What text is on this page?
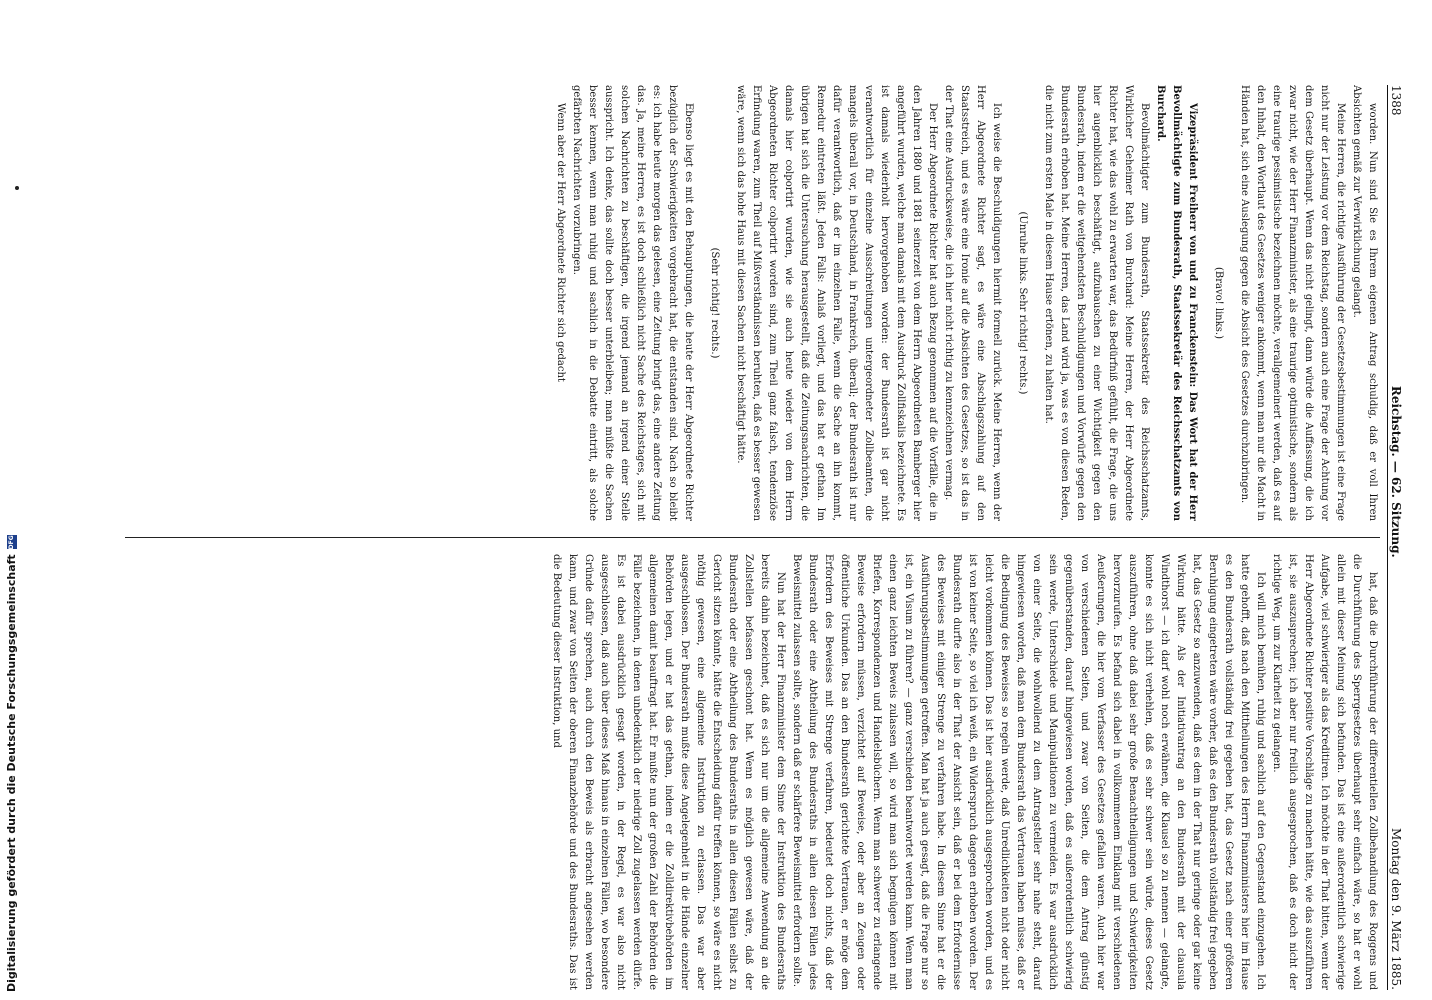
Digitalisierung gefördert durch die Deutsche Forschungsgemeinschaft
DFG
1388
Reichstag. — 62. Sitzung.
Montag den 9. März 1885.

worden. Nun sind Sie es Ihrem eigenen Antrag schuldig, daß er voll Ihren Absichten gemäß zur Verwirklichung gelangt.

Meine Herren, die richtige Ausführung der Gesetzesbestimmungen ist eine Frage nicht nur der Leistung vor dem Reichstag, sondern auch eine Frage der Achtung vor dem Gesetz überhaupt. Wenn das nicht gelingt, dann würde die Auffassung, die ich zwar nicht, wie der Herr Finanzminister, als eine traurige optimistische, sondern als eine traurige pessimistische bezeichnen möchte, verallgemeinert werden, daß es auf den Inhalt, den Wortlaut des Gesetzes weniger ankommt, wenn man nur die Macht in Händen hat, sich eine Auslegung gegen die Absicht des Gesetzes durchzubringen.

(Bravo! links.)

Vizepräsident Freiherr von und zu Franckenstein: Das Wort hat der Herr Bevollmächtigte zum Bundesrath, Staatssekretär des Reichsschatzamts von Burchard.

Bevollmächtigter zum Bundesrath, Staatssekretär des Reichsschatzamts, Wirklicher Geheimer Rath von Burchard: Meine Herren, der Herr Abgeordnete Richter hat, wie das wohl zu erwarten war, das Bedürfniß gefühlt, die Frage, die uns hier augenblicklich beschäftigt, aufzubauschen zu einer Wichtigkeit gegen den Bundesrath, indem er die weitgehendsten Beschuldigungen und Vorwürfe gegen den Bundesrath erhoben hat. Meine Herren, das Land wird ja, was es von diesen Reden, die nicht zum ersten Male in diesem Hause ertönen, zu halten hat.

(Unruhe links. Sehr richtig! rechts.)

Ich weise die Beschuldigungen hiermit formell zurück. Meine Herren, wenn der Herr Abgeordnete Richter sagt, es wäre eine Abschlagszahlung auf den Staatsstreich, und es wäre eine Ironie auf die Absichten des Gesetzes, so ist das in der That eine Ausdrucksweise, die ich hier nicht richtig zu kennzeichnen vermag.

Der Herr Abgeordnete Richter hat auch Bezug genommen auf die Vorfälle, die in den Jahren 1880 und 1881 seinerzeit von dem Herrn Abgeordneten Bamberger hier angeführt wurden, welche man damals mit dem Ausdruck Zollfiskalis bezeichnete. Es ist damals wiederholt hervorgehoben worden: der Bundesrath ist gar nicht verantwortlich für einzelne Ausschreitungen untergeordneter Zollbeamten, die mangels überall vor, in Deutschland, in Frankreich, überall; der Bundesrath ist nur dafür verantwortlich, daß er im einzelnen Falle, wenn die Sache an ihn kommt, Remedur eintreten läßt. Jeden Falls: Anlaß vorliegt, und das hat er gethan. Im übrigen hat sich die Untersuchung herausgestellt, daß die Zeitungsnachrichten, die damals hier colportirt wurden, wie sie auch heute wieder von dem Herrn Abgeordneten Richter colportirt worden sind, zum Theil ganz falsch, tendenziöse Erfindung waren, zum Theil auf Mißverständnissen beruhten, daß es besser gewesen wäre, wenn sich das hohe Haus mit diesen Sachen nicht beschäftigt hätte.

(Sehr richtig! rechts.)

Ebenso liegt es mit den Behauptungen, die heute der Herr Abgeordnete Richter bezüglich der Schwierigkeiten vorgebracht hat, die entstanden sind. Nach so bleibt es: ich habe heute morgen das gelesen, eine Zeitung bringt das, eine andere Zeitung das. Ja, meine Herren, es ist doch schließlich nicht Sache des Reichstages, sich mit solchen Nachrichten zu beschäftigen, die irgend jemand an irgend einer Stelle ausspricht. Ich denke, das sollte doch besser unterbleiben; man müßte die Sachen besser kennen, wenn man ruhig und sachlich in die Debatte eintritt, als solche gefärbten Nachrichten vorzubringen.

Wenn aber der Herr Abgeordnete Richter sich gedacht

hat, daß die Durchführung der differentiellen Zollbehandlung des Roggens und die Durchführung des Sperrgesetzes überhaupt sehr einfach wäre, so hat er wohl allein mit dieser Meinung sich befunden. Das ist eine außerordentlich schwierige Aufgabe, viel schwieriger als das Kreditiren. Ich möchte in der That bitten, wenn der Herr Abgeordnete Richter positive Vorschläge zu machen hätte, wie das auszuführen ist, sie auszusprechen; ich aber nur freilich ausgesprochen, daß es doch nicht der richtige Weg, um zur Klarheit zu gelangen.

Ich will mich bemühen, ruhig und sachlich auf den Gegenstand einzugehen. Ich hatte gehofft, daß nach den Mittheilungen des Herrn Finanzministers hier im Hause es den Bundesrath vollständig frei gegeben hat, das Gesetz nach einer größeren Beruhigung eingetreten wäre vorher, daß es den Bundesrath vollständig frei gegeben hat, das Gesetz so anzuwenden, daß es dem in der That nur geringe oder gar keine Wirkung hätte. Als der Initiativantrag an den Bundesrath mit der clausula Windthorst — ich darf wohl noch erwähnen, die Klausel so zu nennen — gelangte, konnte es sich nicht verhehlen, daß es sehr schwer sein würde, dieses Gesetz auszuführen, ohne daß dabei sehr große Benachtheiligungen und Schwierigkeiten hervorzurufen. Es befand sich dabei in vollkommenem Einklang mit verschiedenen Aeußerungen, die hier vom Verfasser des Gesetzes gefallen waren. Auch hier war von verschiedenen Seiten, und zwar von Seiten, die dem Antrag günstig gegenüberstanden, darauf hingewiesen worden, daß es außerordentlich schwierig sein werde, Unterschiede und Manipulationen zu vermeiden. Es war ausdrücklich von einer Seite, die wohlwollend zu dem Antragsteller sehr nahe steht, darauf hingewiesen worden, daß man dem Bundesrath das Vertrauen haben müsse, daß er die Bedingung des Beweises so regeln werde, daß Unredlichkeiten nicht oder nicht leicht vorkommen können. Das ist hier ausdrücklich ausgesprochen worden, und es ist von keiner Seite, so viel ich weiß, ein Widerspruch dagegen erhoben worden. Der Bundesrath durfte also in der That der Ansicht sein, daß er bei dem Erfordernisse des Beweises mit einiger Strenge zu verfahren habe. In diesem Sinne hat er die Ausführungsbestimmungen getroffen. Man hat ja auch gesagt, daß die Frage nur so ist, ein Visum zu führen? — ganz verschieden beantwortet werden kann. Wenn man einen ganz leichten Beweis zulassen will, so wird man sich begnügen können mit Briefen, Korrespondenzen und Handelsbüchern. Wenn man schwerer zu erlangende Beweise erfordern müssen, verzichtet auf Beweise, oder aber an Zeugen oder öffentliche Urkunden. Das an den Bundesrath gerichtete Vertrauen, er möge dem Erfordern des Beweises mit Strenge verfahren, bedeutet doch nichts, daß der Bundesrath oder eine Abtheilung des Bundesraths in allen diesen Fällen jedes Beweismittel zulassen sollte, sondern daß er schärfere Beweismittel erfordern sollte.

Nun hat der Herr Finanzminister dem Sinne der Instruktion des Bundesraths bereits dahin bezeichnet, daß es sich nur um die allgemeine Anwendung an die Zollstellen befassen geschont hat. Wenn es möglich gewesen wäre, daß der Bundesrath oder eine Abtheilung des Bundesraths in allen diesen Fällen selbst zu Gericht sitzen könnte, hätte die Entscheidung dafür treffen können, so wäre es nicht nöthig gewesen, eine allgemeine Instruktion zu erlassen. Das war aber ausgeschlossen. Der Bundesrath mußte diese Angelegenheit in die Hände einzelner Behörden legen, und er hat das gethan, indem er die Zolldirektivbehörden im allgemeinen damit beauftragt hat. Er mußte nun der großen Zahl der Behörden die Fälle bezeichnen, in denen unbedenklich der niedrige Zoll zugelassen werden dürfe. Es ist dabei ausdrücklich gesagt worden, in der Regel, es war also nicht ausgeschlossen, daß auch über dieses Maß hinaus in einzelnen Fällen, wo besondere Gründe dafür sprechen, auch durch den Beweis als erbracht angesehen werden kann, und zwar von Seiten der oberen Finanzbehörde und des Bundesraths. Das ist die Bedeutung dieser Instruktion, und
